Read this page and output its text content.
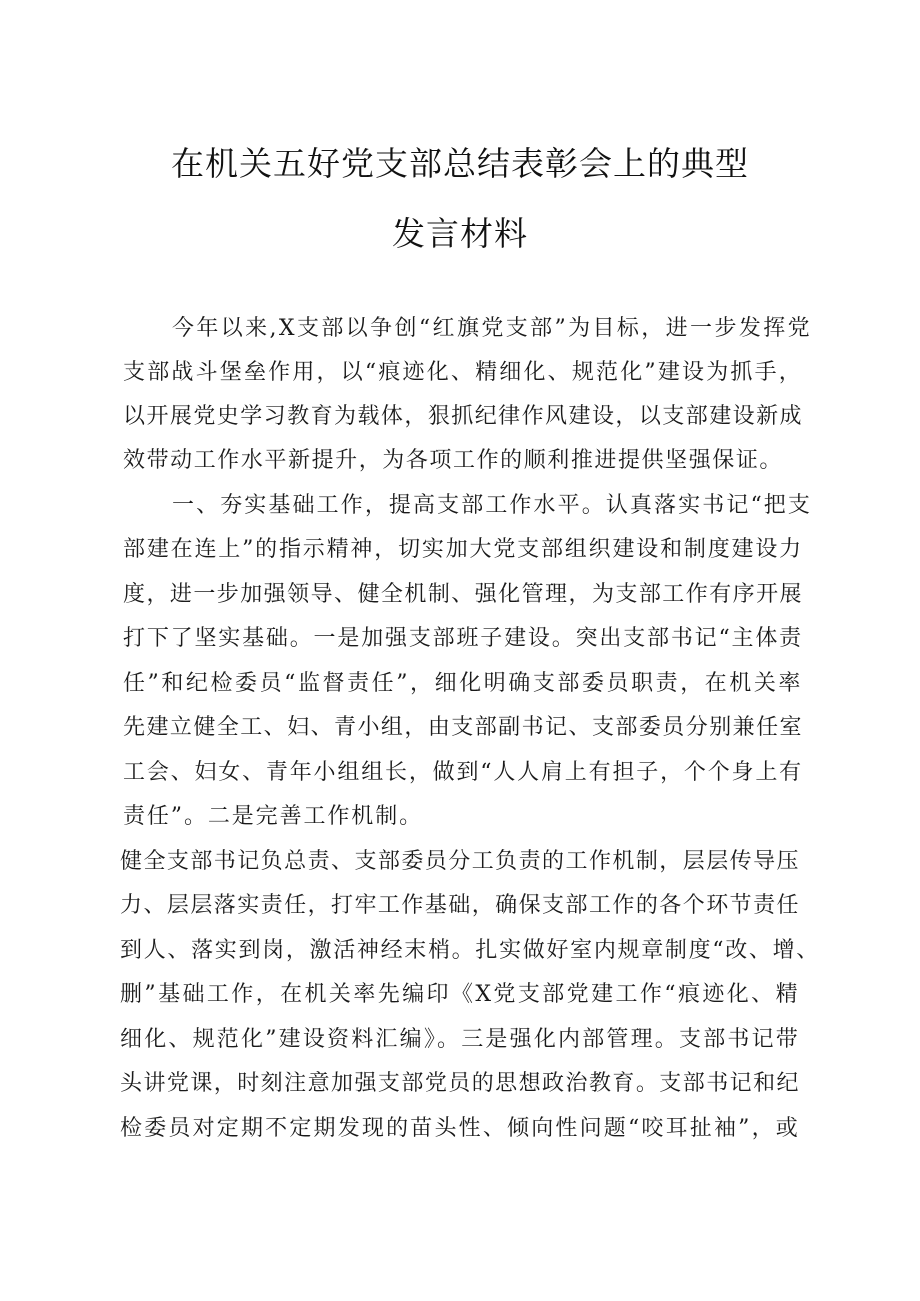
在机关五好党支部总结表彰会上的典型
发言材料

今年以来,X支部以争创“红旗党支部”为目标，进一步发挥党

支部战斗堡垒作用，以“痕迹化、精细化、规范化”建设为抓手，

以开展党史学习教育为载体，狠抓纪律作风建设，以支部建设新成

效带动工作水平新提升，为各项工作的顺利推进提供坚强保证。

一、夯实基础工作，提高支部工作水平。认真落实书记“把支

部建在连上”的指示精神，切实加大党支部组织建设和制度建设力

度，进一步加强领导、健全机制、强化管理，为支部工作有序开展

打下了坚实基础。一是加强支部班子建设。突出支部书记“主体责

任”和纪检委员“监督责任”，细化明确支部委员职责，在机关率

先建立健全工、妇、青小组，由支部副书记、支部委员分别兼任室

工会、妇女、青年小组组长，做到“人人肩上有担子，个个身上有

责任”。二是完善工作机制。

健全支部书记负总责、支部委员分工负责的工作机制，层层传导压

力、层层落实责任，打牢工作基础，确保支部工作的各个环节责任

到人、落实到岗，激活神经末梢。扎实做好室内规章制度“改、增、

删”基础工作，在机关率先编印《X党支部党建工作“痕迹化、精

细化、规范化”建设资料汇编》。三是强化内部管理。支部书记带

头讲党课，时刻注意加强支部党员的思想政治教育。支部书记和纪

检委员对定期不定期发现的苗头性、倾向性问题“咬耳扯袖”，或
